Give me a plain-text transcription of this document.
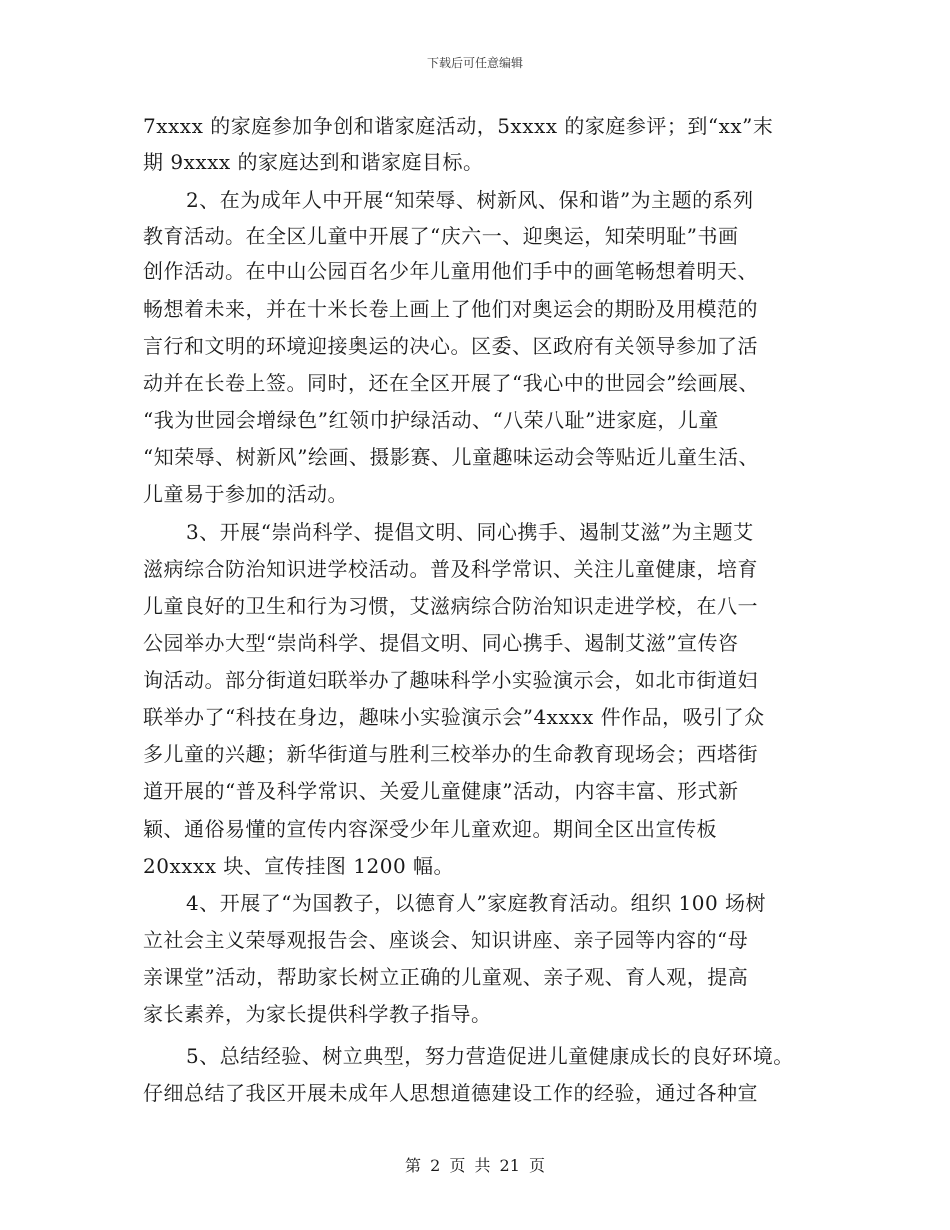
下载后可任意编辑
7xxxx 的家庭参加争创和谐家庭活动，5xxxx 的家庭参评；到“xx”末
期 9xxxx 的家庭达到和谐家庭目标。
2、在为成年人中开展“知荣辱、树新风、保和谐”为主题的系列
教育活动。在全区儿童中开展了“庆六一、迎奥运，知荣明耻”书画
创作活动。在中山公园百名少年儿童用他们手中的画笔畅想着明天、
畅想着未来，并在十米长卷上画上了他们对奥运会的期盼及用模范的
言行和文明的环境迎接奥运的决心。区委、区政府有关领导参加了活
动并在长卷上签。同时，还在全区开展了“我心中的世园会”绘画展、
“我为世园会增绿色”红领巾护绿活动、“八荣八耻”进家庭，儿童
“知荣辱、树新风”绘画、摄影赛、儿童趣味运动会等贴近儿童生活、
儿童易于参加的活动。
3、开展“崇尚科学、提倡文明、同心携手、遏制艾滋”为主题艾
滋病综合防治知识进学校活动。普及科学常识、关注儿童健康，培育
儿童良好的卫生和行为习惯，艾滋病综合防治知识走进学校，在八一
公园举办大型“崇尚科学、提倡文明、同心携手、遏制艾滋”宣传咨
询活动。部分街道妇联举办了趣味科学小实验演示会，如北市街道妇
联举办了“科技在身边，趣味小实验演示会”4xxxx 件作品，吸引了众
多儿童的兴趣；新华街道与胜利三校举办的生命教育现场会；西塔街
道开展的“普及科学常识、关爱儿童健康”活动，内容丰富、形式新
颖、通俗易懂的宣传内容深受少年儿童欢迎。期间全区出宣传板
20xxxx 块、宣传挂图 1200 幅。
4、开展了“为国教子，以德育人”家庭教育活动。组织 100 场树
立社会主义荣辱观报告会、座谈会、知识讲座、亲子园等内容的“母
亲课堂”活动，帮助家长树立正确的儿童观、亲子观、育人观，提高
家长素养，为家长提供科学教子指导。
5、总结经验、树立典型，努力营造促进儿童健康成长的良好环境。
仔细总结了我区开展未成年人思想道德建设工作的经验，通过各种宣
第 2 页 共 21 页
